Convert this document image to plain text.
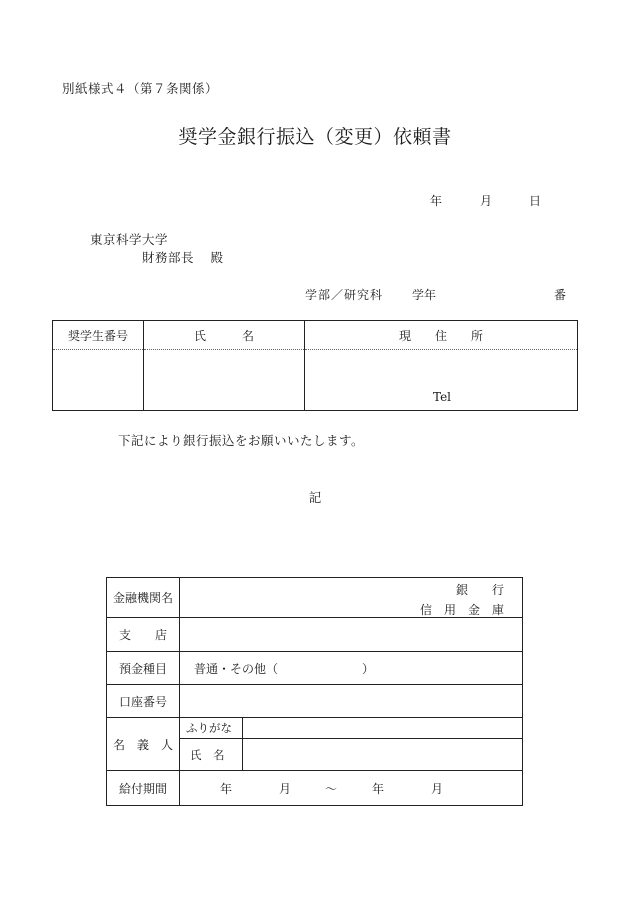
別紙様式４（第７条関係）
奨学金銀行振込（変更）依頼書
年	月	日
東京科学大学
財務部長 殿
学部／研究科 学年	番
奨学生番号	氏　　　名	現　　住　　所

		Tel
下記により銀行振込をお願いいたします。
記
金融機関名	銀　　行
信　用　金　庫	

支　　店		
預金種目	普通・その他（　　　　　　　）	
口座番号		
名　義　人	ふりがな	
	氏　名	
給付期間	年 月 〜 年 月	
